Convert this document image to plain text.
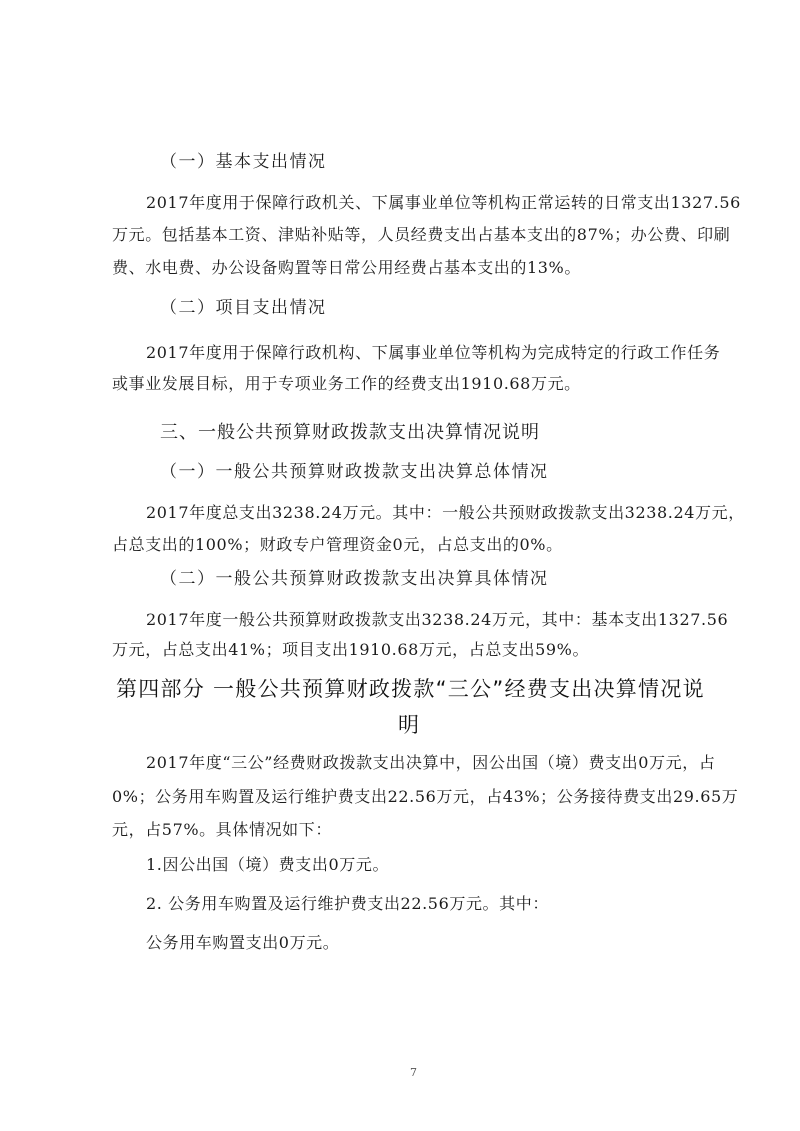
（一）基本支出情况

2017年度用于保障行政机关、下属事业单位等机构正常运转的日常支出1327.56

万元。包括基本工资、津贴补贴等，人员经费支出占基本支出的87%；办公费、印刷

费、水电费、办公设备购置等日常公用经费占基本支出的13%。

（二）项目支出情况

2017年度用于保障行政机构、下属事业单位等机构为完成特定的行政工作任务

或事业发展目标，用于专项业务工作的经费支出1910.68万元。

三、一般公共预算财政拨款支出决算情况说明

（一）一般公共预算财政拨款支出决算总体情况

2017年度总支出3238.24万元。其中：一般公共预财政拨款支出3238.24万元，

占总支出的100%；财政专户管理资金0元，占总支出的0%。

（二）一般公共预算财政拨款支出决算具体情况

2017年度一般公共预算财政拨款支出3238.24万元，其中：基本支出1327.56

万元，占总支出41%；项目支出1910.68万元，占总支出59%。

第四部分 一般公共预算财政拨款“三公”经费支出决算情况说

明

2017年度“三公”经费财政拨款支出决算中，因公出国（境）费支出0万元，占

0%；公务用车购置及运行维护费支出22.56万元，占43%；公务接待费支出29.65万

元，占57%。具体情况如下：

1.因公出国（境）费支出0万元。

2. 公务用车购置及运行维护费支出22.56万元。其中：

公务用车购置支出0万元。

7
